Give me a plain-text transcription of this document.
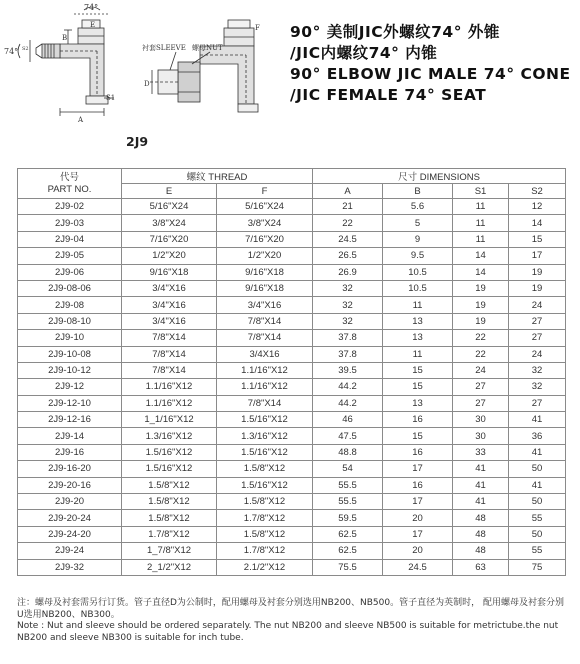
74°
74°
E
B
A
S1
S2
F
D
衬套SLEEVE 螺母NUT
90° 美制JIC外螺纹74° 外锥
/JIC内螺纹74° 内锥
90° ELBOW JIC MALE 74° CONE
/JIC FEMALE 74° SEAT
2J9
代号
PART NO.	螺纹 THREAD		尺寸 DIMENSIONS			
	E	F	A	B	S1	S2
2J9-02	5/16"X24	5/16"X24	21	5.6	11	12
2J9-03	3/8"X24	3/8"X24	22	5	11	14
2J9-04	7/16"X20	7/16"X20	24.5	9	11	15
2J9-05	1/2"X20	1/2"X20	26.5	9.5	14	17
2J9-06	9/16"X18	9/16"X18	26.9	10.5	14	19
2J9-08-06	3/4"X16	9/16"X18	32	10.5	19	19
2J9-08	3/4"X16	3/4"X16	32	11	19	24
2J9-08-10	3/4"X16	7/8"X14	32	13	19	27
2J9-10	7/8"X14	7/8"X14	37.8	13	22	27
2J9-10-08	7/8"X14	3/4X16	37.8	11	22	24
2J9-10-12	7/8"X14	1.1/16"X12	39.5	15	24	32
2J9-12	1.1/16"X12	1.1/16"X12	44.2	15	27	32
2J9-12-10	1.1/16"X12	7/8"X14	44.2	13	27	27
2J9-12-16	1_1/16"X12	1.5/16"X12	46	16	30	41
2J9-14	1.3/16"X12	1.3/16"X12	47.5	15	30	36
2J9-16	1.5/16"X12	1.5/16"X12	48.8	16	33	41
2J9-16-20	1.5/16"X12	1.5/8"X12	54	17	41	50
2J9-20-16	1.5/8"X12	1.5/16"X12	55.5	16	41	41
2J9-20	1.5/8"X12	1.5/8"X12	55.5	17	41	50
2J9-20-24	1.5/8"X12	1.7/8"X12	59.5	20	48	55
2J9-24-20	1.7/8"X12	1.5/8"X12	62.5	17	48	50
2J9-24	1_7/8"X12	1.7/8"X12	62.5	20	48	55
2J9-32	2_1/2"X12	2.1/2"X12	75.5	24.5	63	75
注：螺母及衬套需另行订货。管子直径D为公制时，配用螺母及衬套分别选用NB200、NB500。管子直径为英制时， 配用螺母及衬套分别U选用NB200、NB300。
Note : Nut and sleeve should be ordered separately. The nut NB200 and sleeve NB500 is suitable for metrictube.the nut NB200 and sleeve NB300 is suitable for inch tube.
